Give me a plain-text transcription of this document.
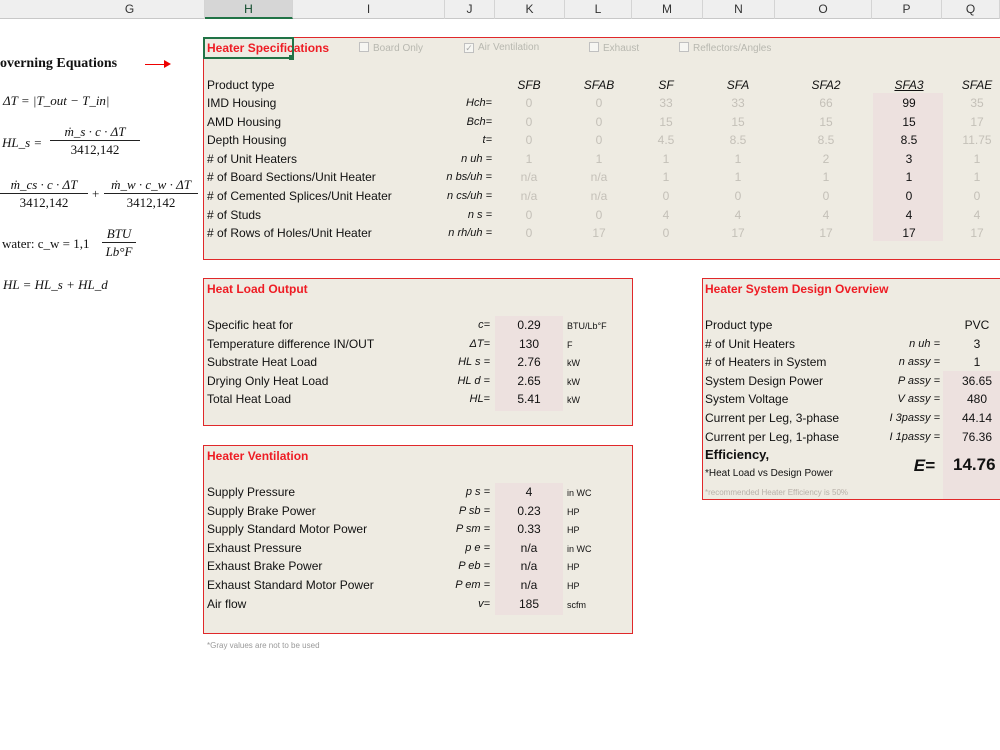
G	H	I	J	K	L	M	N	O	P	Q
overning Equations
ΔT = |T_out − T_in|
HL_s =
ṁ_s · c · ΔT
3412,142
ṁ_cs · c · ΔT
3412,142
+
ṁ_w · c_w · ΔT
3412,142
water: c_w = 1,1
BTU
Lb°F
HL = HL_s + HL_d
Heater Specifications	Board Only	✓ Air Ventilation	Exhaust	Reflectors/Angles
Product type	SFB	SFAB	SF	SFA	SFA2	SFA3	SFAE
IMD Housing	Hch=	0	0	33	33	66	99	35
AMD Housing	Bch=	0	0	15	15	15	15	17
Depth Housing	t=	0	0	4.5	8.5	8.5	8.5	11.75
# of Unit Heaters	n uh =	1	1	1	1	2	3	1
# of Board Sections/Unit Heater	n bs/uh =	n/a	n/a	1	1	1	1	1
# of Cemented Splices/Unit Heater	n cs/uh =	n/a	n/a	0	0	0	0	0
# of Studs	n s =	0	0	4	4	4	4	4
# of Rows of Holes/Unit Heater	n rh/uh =	0	17	0	17	17	17	17
Heat Load Output
Specific heat for	c=	0.29	BTU/Lb°F
Temperature difference IN/OUT	ΔT=	130	F
Substrate Heat Load	HL s =	2.76	kW
Drying Only Heat Load	HL d =	2.65	kW
Total Heat Load	HL=	5.41	kW
Heater Ventilation
Supply Pressure	p s =	4	in WC
Supply Brake Power	P sb =	0.23	HP
Supply Standard Motor Power	P sm =	0.33	HP
Exhaust Pressure	p e =	n/a	in WC
Exhaust Brake Power	P eb =	n/a	HP
Exhaust Standard Motor Power	P em =	n/a	HP
Air flow	v=	185	scfm
*Gray values are not to be used
Heater System Design Overview
Product type	PVC
# of Unit Heaters	n uh =	3
# of Heaters in System	n assy =	1
System Design Power	P assy =	36.65
System Voltage	V assy =	480
Current per Leg, 3-phase	I 3passy =	44.14
Current per Leg, 1-phase	I 1passy =	76.36
Efficiency,
*Heat Load vs Design Power	E=	14.76
*recommended Heater Efficiency is 50%
